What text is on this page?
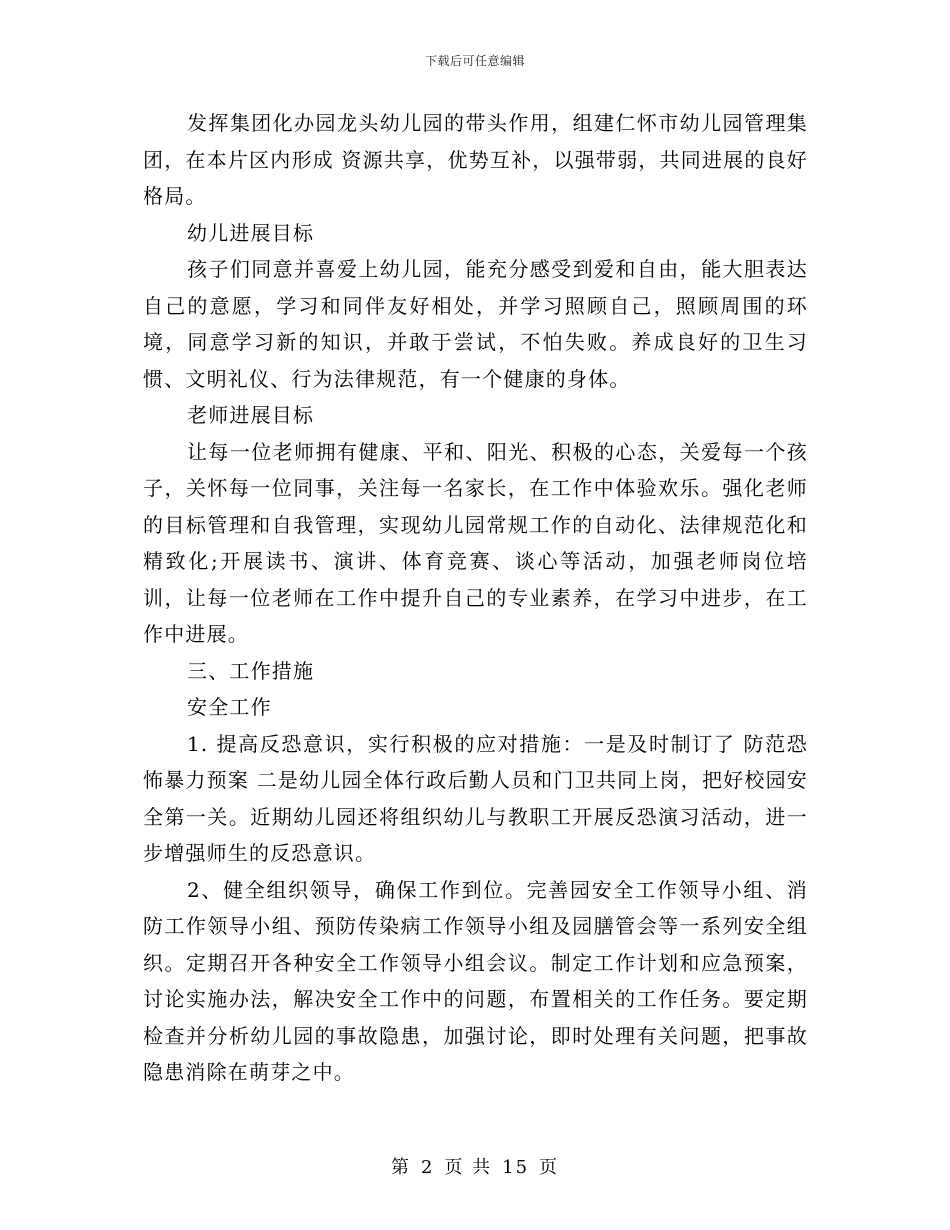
下载后可任意编辑

发挥集团化办园龙头幼儿园的带头作用，组建仁怀市幼儿园管理集团，在本片区内形成 资源共享，优势互补，以强带弱，共同进展的良好格局。

幼儿进展目标

孩子们同意并喜爱上幼儿园，能充分感受到爱和自由，能大胆表达自己的意愿，学习和同伴友好相处，并学习照顾自己，照顾周围的环境，同意学习新的知识，并敢于尝试，不怕失败。养成良好的卫生习惯、文明礼仪、行为法律规范，有一个健康的身体。

老师进展目标

让每一位老师拥有健康、平和、阳光、积极的心态，关爱每一个孩子，关怀每一位同事，关注每一名家长，在工作中体验欢乐。强化老师的目标管理和自我管理，实现幼儿园常规工作的自动化、法律规范化和精致化;开展读书、演讲、体育竞赛、谈心等活动，加强老师岗位培训，让每一位老师在工作中提升自己的专业素养，在学习中进步，在工作中进展。

三、工作措施

安全工作

1. 提高反恐意识，实行积极的应对措施：一是及时制订了 防范恐怖暴力预案 二是幼儿园全体行政后勤人员和门卫共同上岗，把好校园安全第一关。近期幼儿园还将组织幼儿与教职工开展反恐演习活动，进一步增强师生的反恐意识。

2、健全组织领导，确保工作到位。完善园安全工作领导小组、消防工作领导小组、预防传染病工作领导小组及园膳管会等一系列安全组织。定期召开各种安全工作领导小组会议。制定工作计划和应急预案，讨论实施办法，解决安全工作中的问题，布置相关的工作任务。要定期检查并分析幼儿园的事故隐患，加强讨论，即时处理有关问题，把事故隐患消除在萌芽之中。

第 2 页 共 15 页
